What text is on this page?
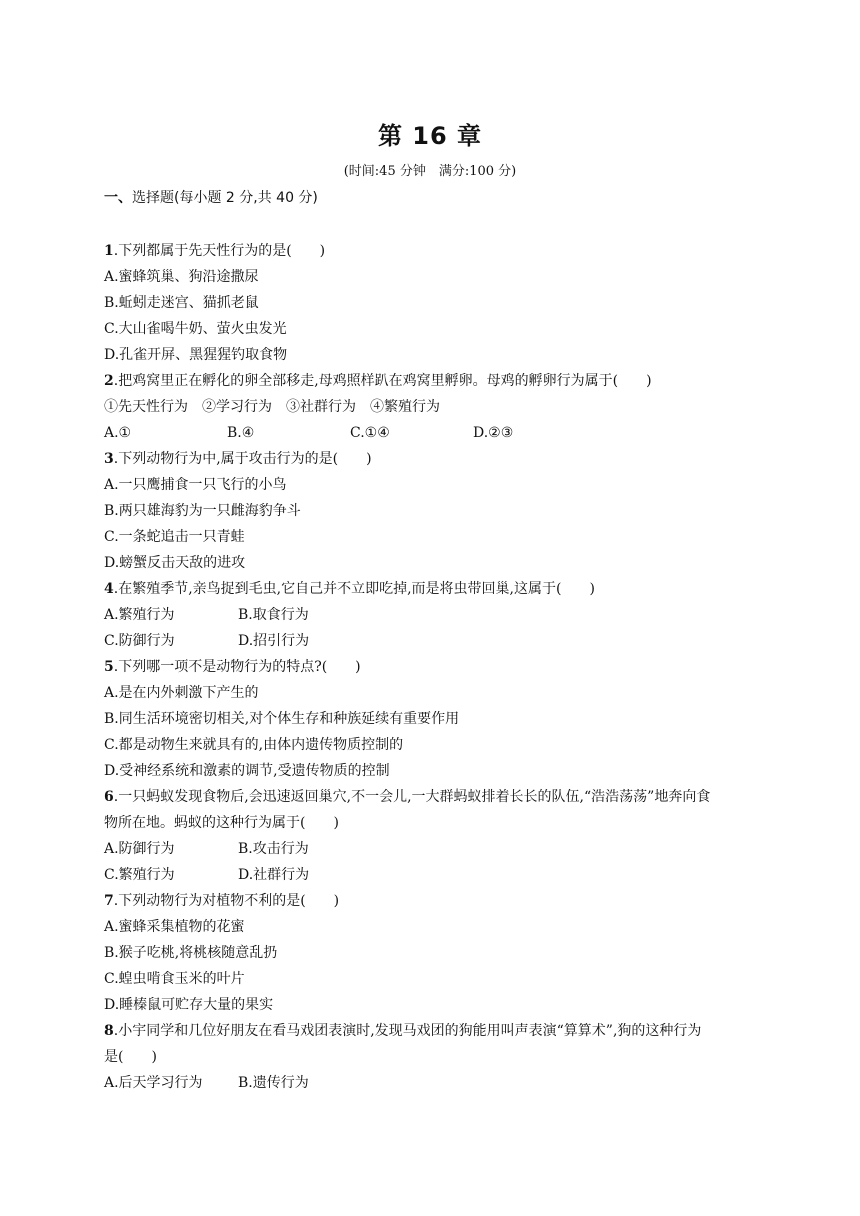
第 16 章
(时间:45 分钟　满分:100 分)
一、选择题(每小题 2 分,共 40 分)
1.下列都属于先天性行为的是(　　)
A.蜜蜂筑巢、狗沿途撒尿
B.蚯蚓走迷宫、猫抓老鼠
C.大山雀喝牛奶、萤火虫发光
D.孔雀开屏、黑猩猩钓取食物
2.把鸡窝里正在孵化的卵全部移走,母鸡照样趴在鸡窝里孵卵。母鸡的孵卵行为属于(　　)
①先天性行为　②学习行为　③社群行为　④繁殖行为
A.①	B.④	C.①④	D.②③
3.下列动物行为中,属于攻击行为的是(　　)
A.一只鹰捕食一只飞行的小鸟
B.两只雄海豹为一只雌海豹争斗
C.一条蛇追击一只青蛙
D.螃蟹反击天敌的进攻
4.在繁殖季节,亲鸟捉到毛虫,它自己并不立即吃掉,而是将虫带回巢,这属于(　　)
A.繁殖行为	B.取食行为
C.防御行为	D.招引行为
5.下列哪一项不是动物行为的特点?(　　)
A.是在内外刺激下产生的
B.同生活环境密切相关,对个体生存和种族延续有重要作用
C.都是动物生来就具有的,由体内遗传物质控制的
D.受神经系统和激素的调节,受遗传物质的控制
6.一只蚂蚁发现食物后,会迅速返回巢穴,不一会儿,一大群蚂蚁排着长长的队伍,“浩浩荡荡”地奔向食
物所在地。蚂蚁的这种行为属于(　　)
A.防御行为	B.攻击行为
C.繁殖行为	D.社群行为
7.下列动物行为对植物不利的是(　　)
A.蜜蜂采集植物的花蜜
B.猴子吃桃,将桃核随意乱扔
C.蝗虫啃食玉米的叶片
D.睡榛鼠可贮存大量的果实
8.小宇同学和几位好朋友在看马戏团表演时,发现马戏团的狗能用叫声表演“算算术”,狗的这种行为
是(　　)
A.后天学习行为	B.遗传行为
